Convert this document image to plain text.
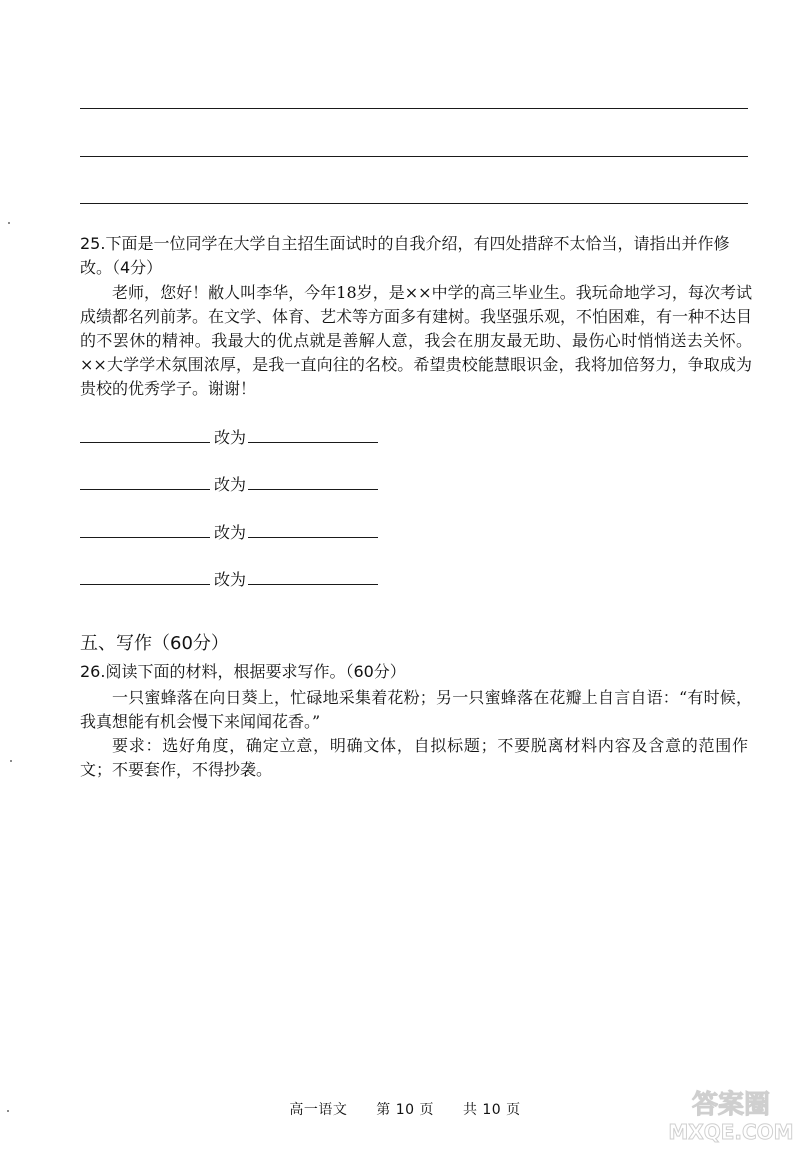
25.下面是一位同学在大学自主招生面试时的自我介绍，有四处措辞不太恰当，请指出并作修改。（4分）
老师，您好！敝人叫李华，今年18岁，是××中学的高三毕业生。我玩命地学习，每次考试成绩都名列前茅。在文学、体育、艺术等方面多有建树。我坚强乐观，不怕困难，有一种不达目的不罢休的精神。我最大的优点就是善解人意，我会在朋友最无助、最伤心时悄悄送去关怀。××大学学术氛围浓厚，是我一直向往的名校。希望贵校能慧眼识金，我将加倍努力，争取成为贵校的优秀学子。谢谢！
改为
改为
改为
改为
五、写作（60分）
26.阅读下面的材料，根据要求写作。（60分）
一只蜜蜂落在向日葵上，忙碌地采集着花粉；另一只蜜蜂落在花瓣上自言自语：“有时候，我真想能有机会慢下来闻闻花香。”
要求：选好角度，确定立意，明确文体，自拟标题；不要脱离材料内容及含意的范围作文；不要套作，不得抄袭。
高一语文 第 10 页 共 10 页	答案圈
MXQE.COM
